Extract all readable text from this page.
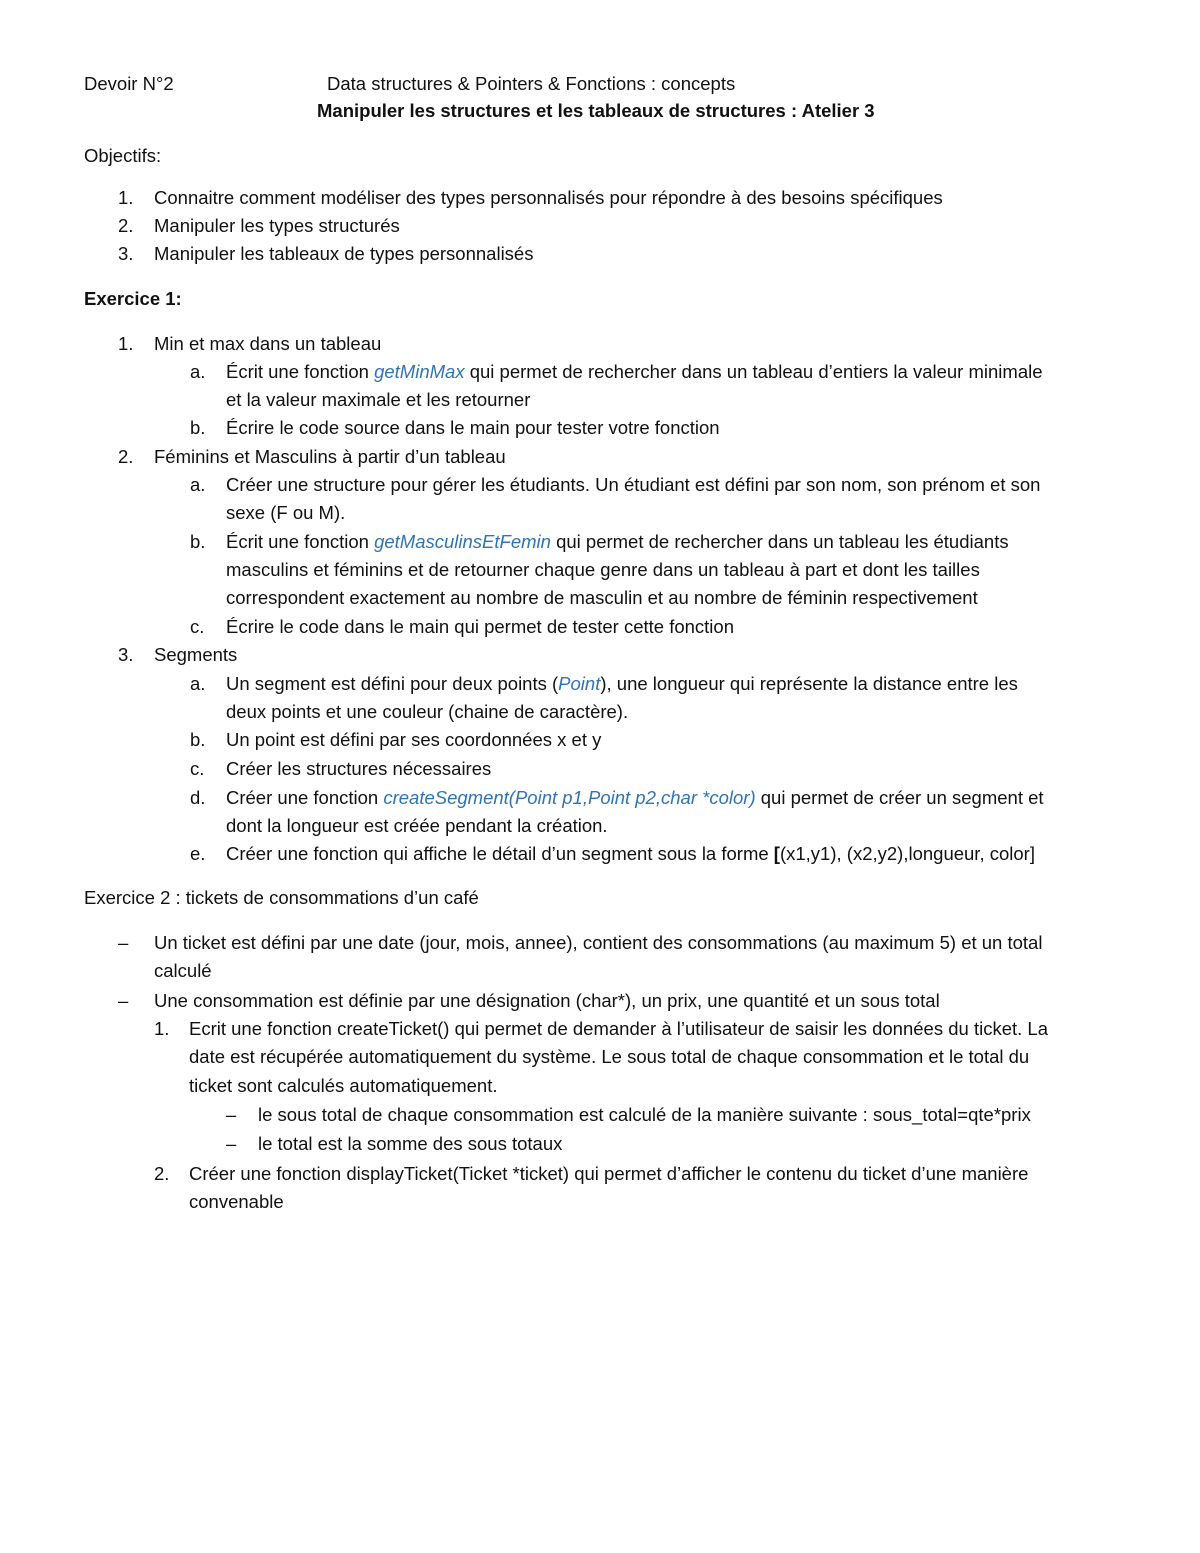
Devoir N°2	Data structures & Pointers & Fonctions : concepts
Manipuler les structures et les tableaux de structures : Atelier 3
Objectifs:
1. Connaitre comment modéliser des types personnalisés pour répondre à des besoins spécifiques
2. Manipuler les types structurés
3. Manipuler les tableaux de types personnalisés
Exercice 1:
1. Min et max dans un tableau
a. Écrit une fonction getMinMax qui permet de rechercher dans un tableau d’entiers la valeur minimale
et la valeur maximale et les retourner
b. Écrire le code source dans le main pour tester votre fonction
2. Féminins et Masculins à partir d’un tableau
a. Créer une structure pour gérer les étudiants. Un étudiant est défini par son nom, son prénom et son
sexe (F ou M).
b. Écrit une fonction getMasculinsEtFemin qui permet de rechercher dans un tableau les étudiants
masculins et féminins et de retourner chaque genre dans un tableau à part et dont les tailles
correspondent exactement au nombre de masculin et au nombre de féminin respectivement
c. Écrire le code dans le main qui permet de tester cette fonction
3. Segments
a. Un segment est défini pour deux points (Point), une longueur qui représente la distance entre les
deux points et une couleur (chaine de caractère).
b. Un point est défini par ses coordonnées x et y
c. Créer les structures nécessaires
d. Créer une fonction createSegment(Point p1,Point p2,char *color) qui permet de créer un segment et
dont la longueur est créée pendant la création.
e. Créer une fonction qui affiche le détail d’un segment sous la forme [(x1,y1), (x2,y2),longueur, color]
Exercice 2 : tickets de consommations d’un café
– Un ticket est défini par une date (jour, mois, annee), contient des consommations (au maximum 5) et un total
calculé
– Une consommation est définie par une désignation (char*), un prix, une quantité et un sous total
1. Ecrit une fonction createTicket() qui permet de demander à l’utilisateur de saisir les données du ticket. La
date est récupérée automatiquement du système. Le sous total de chaque consommation et le total du
ticket sont calculés automatiquement.
– le sous total de chaque consommation est calculé de la manière suivante : sous_total=qte*prix
– le total est la somme des sous totaux
2. Créer une fonction displayTicket(Ticket *ticket) qui permet d’afficher le contenu du ticket d’une manière
convenable
